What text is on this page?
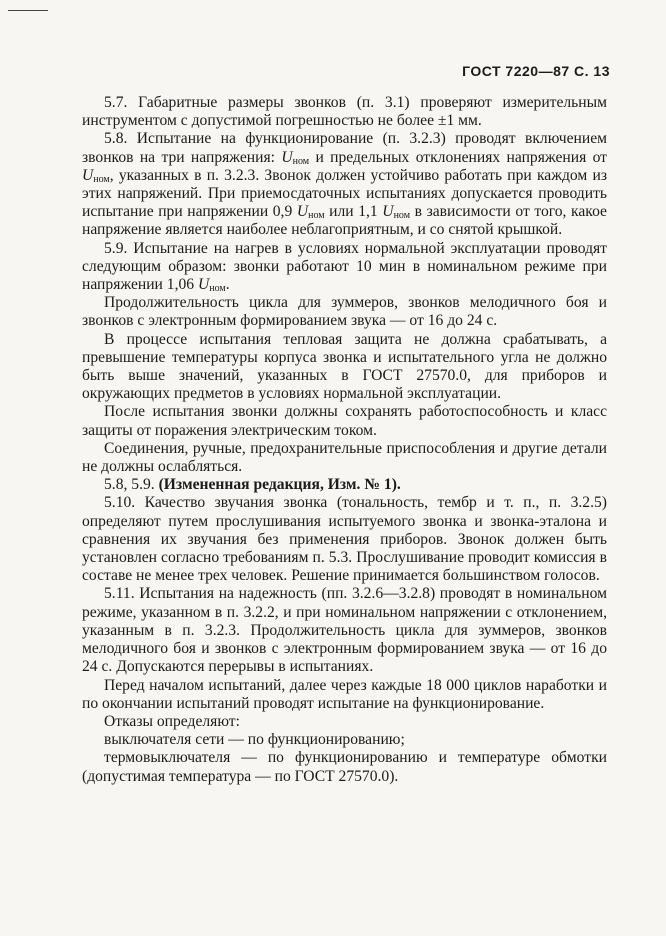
ГОСТ 7220—87 С. 13

5.7. Габаритные размеры звонков (п. 3.1) проверяют измерительным инструментом с допустимой погрешностью не более ±1 мм.

5.8. Испытание на функционирование (п. 3.2.3) проводят включением звонков на три напряжения: $U_{ном}$ и предельных отклонениях напряжения от $U_{ном}$, указанных в п. 3.2.3. Звонок должен устойчиво работать при каждом из этих напряжений. При приемосдаточных испытаниях допускается проводить испытание при напряжении 0,9 $U_{ном}$ или 1,1 $U_{ном}$ в зависимости от того, какое напряжение является наиболее неблагоприятным, и со снятой крышкой.

5.9. Испытание на нагрев в условиях нормальной эксплуатации проводят следующим образом: звонки работают 10 мин в номинальном режиме при напряжении 1,06 $U_{ном}$.

Продолжительность цикла для зуммеров, звонков мелодичного боя и звонков с электронным формированием звука — от 16 до 24 с.

В процессе испытания тепловая защита не должна срабатывать, а превышение температуры корпуса звонка и испытательного угла не должно быть выше значений, указанных в ГОСТ 27570.0, для приборов и окружающих предметов в условиях нормальной эксплуатации.

После испытания звонки должны сохранять работоспособность и класс защиты от поражения электрическим током.

Соединения, ручные, предохранительные приспособления и другие детали не должны ослабляться.

5.8, 5.9. (Измененная редакция, Изм. № 1).

5.10. Качество звучания звонка (тональность, тембр и т. п., п. 3.2.5) определяют путем прослушивания испытуемого звонка и звонка-эталона и сравнения их звучания без применения приборов. Звонок должен быть установлен согласно требованиям п. 5.3. Прослушивание проводит комиссия в составе не менее трех человек. Решение принимается большинством голосов.

5.11. Испытания на надежность (пп. 3.2.6—3.2.8) проводят в номинальном режиме, указанном в п. 3.2.2, и при номинальном напряжении с отклонением, указанным в п. 3.2.3. Продолжительность цикла для зуммеров, звонков мелодичного боя и звонков с электронным формированием звука — от 16 до 24 с. Допускаются перерывы в испытаниях.

Перед началом испытаний, далее через каждые 18 000 циклов наработки и по окончании испытаний проводят испытание на функционирование.

Отказы определяют:

выключателя сети — по функционированию;

термовыключателя — по функционированию и температуре обмотки (допустимая температура — по ГОСТ 27570.0).
